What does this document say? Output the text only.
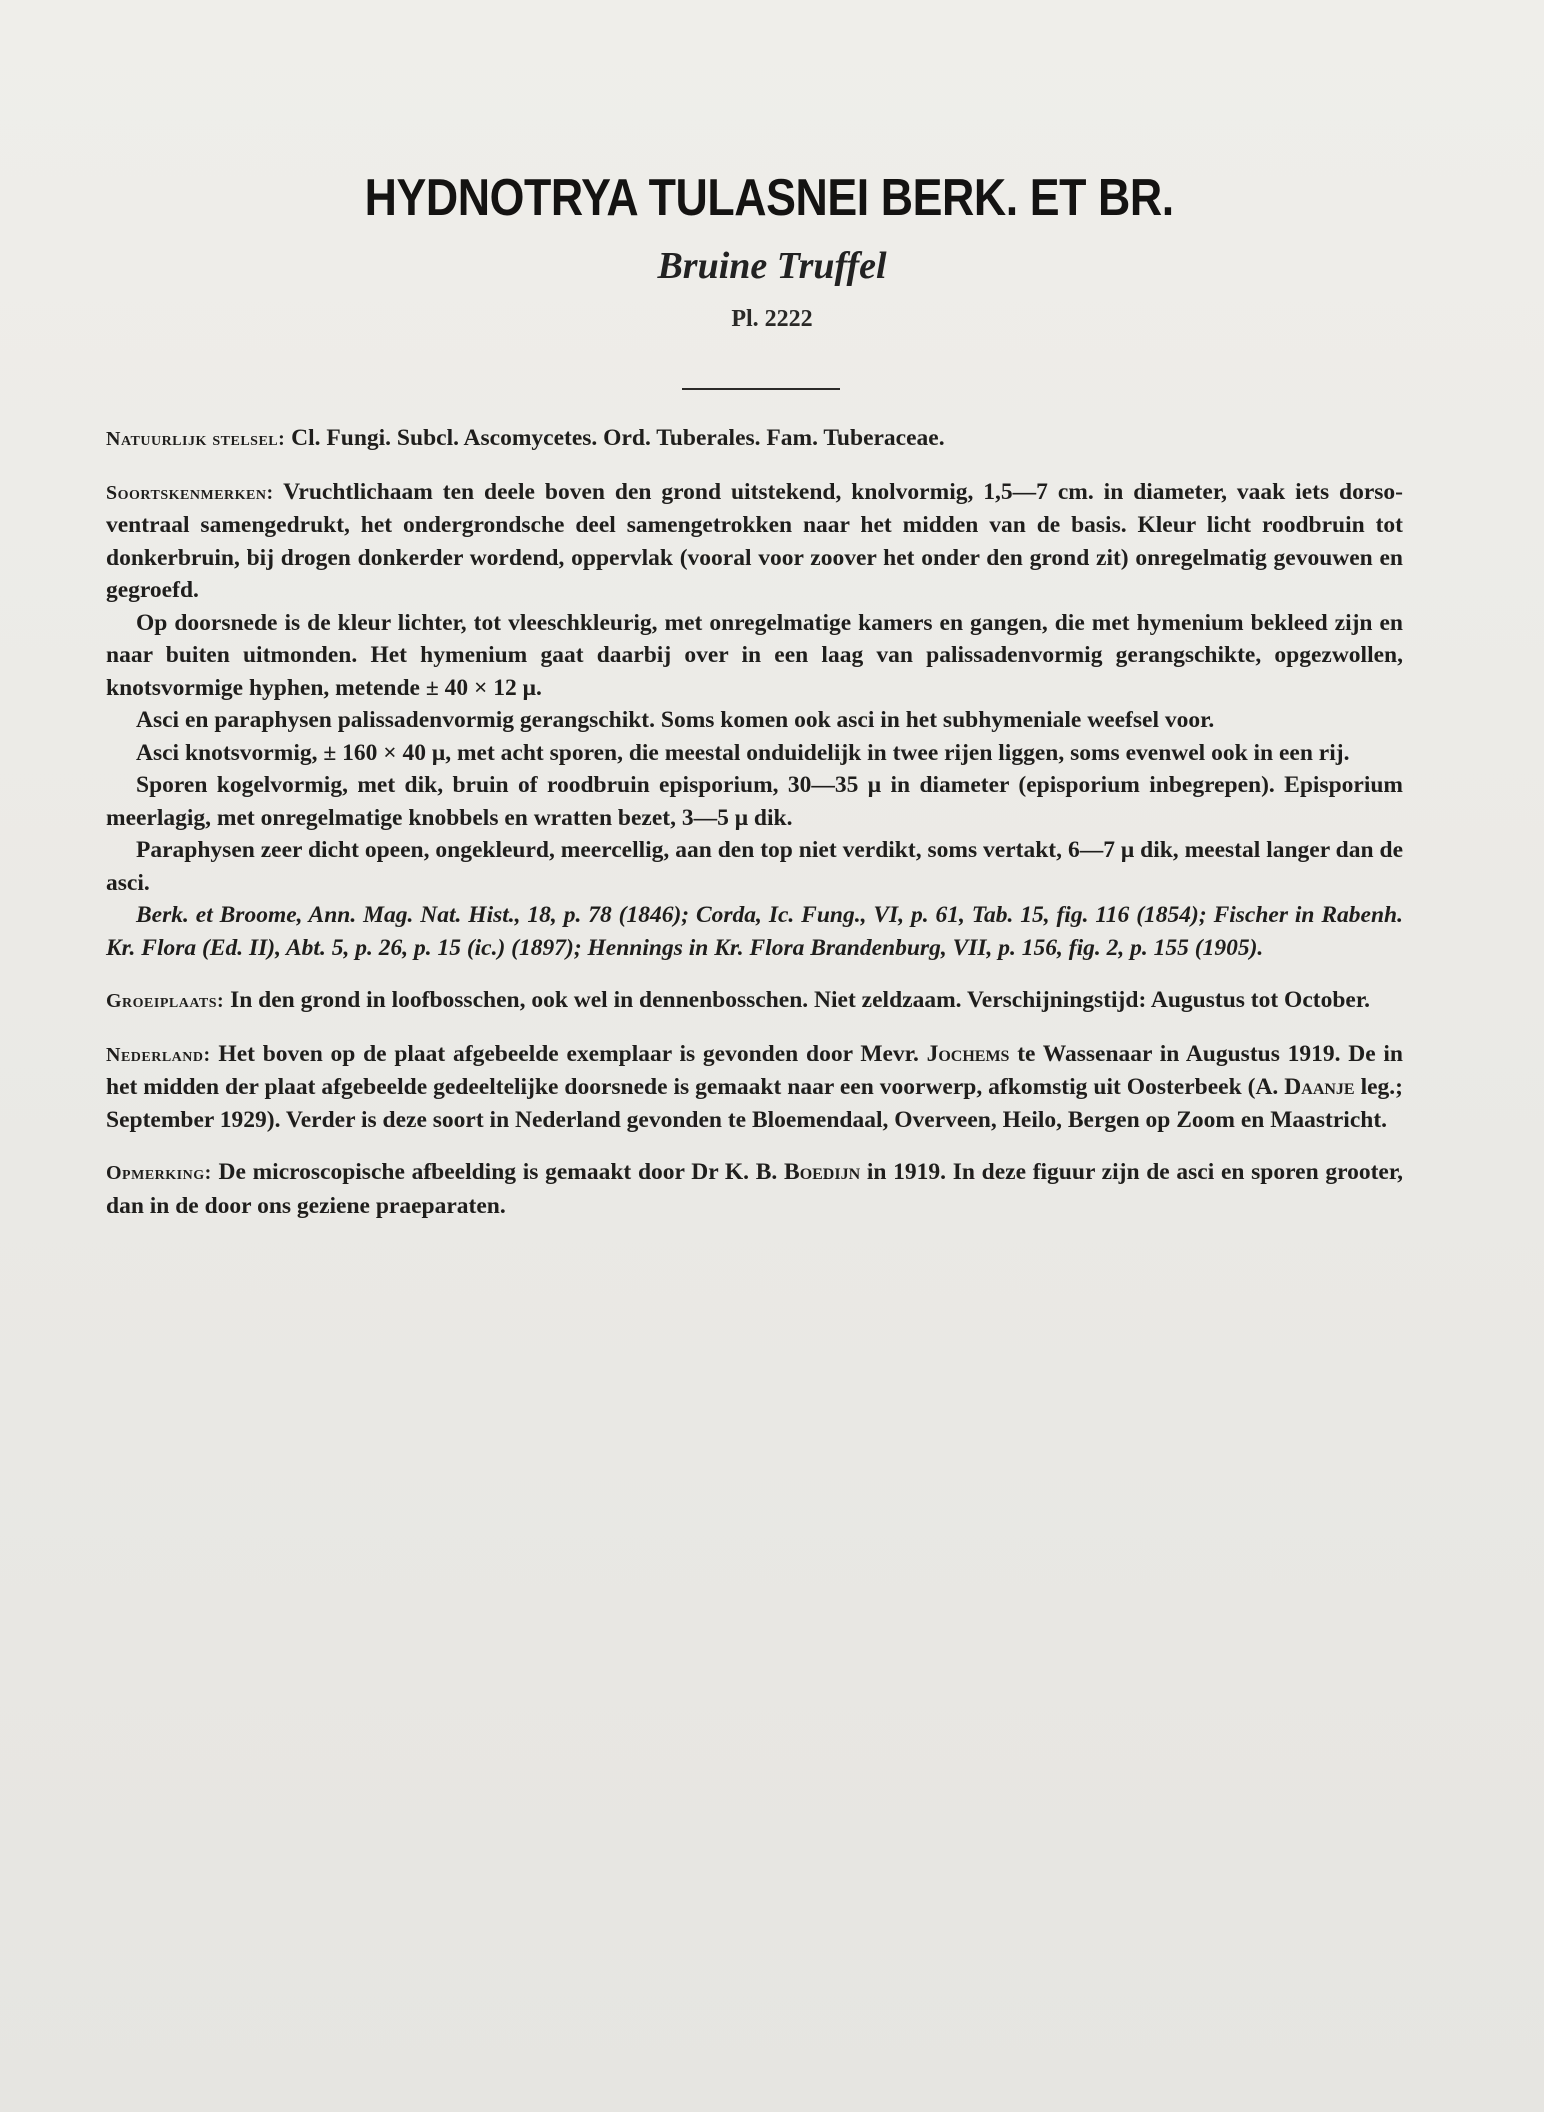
HYDNOTRYA TULASNEI BERK. ET BR.
Bruine Truffel
Pl. 2222

Natuurlijk stelsel: Cl. Fungi. Subcl. Ascomycetes. Ord. Tuberales. Fam. Tuberaceae.

Soortskenmerken: Vruchtlichaam ten deele boven den grond uitstekend, knolvormig, 1,5—7 cm. in diameter, vaak iets dorso-ventraal samengedrukt, het ondergrondsche deel samengetrokken naar het midden van de basis. Kleur licht roodbruin tot donkerbruin, bij drogen donkerder wordend, oppervlak (vooral voor zoover het onder den grond zit) onregelmatig gevouwen en gegroefd.

Op doorsnede is de kleur lichter, tot vleeschkleurig, met onregelmatige kamers en gangen, die met hymenium bekleed zijn en naar buiten uitmonden. Het hymenium gaat daarbij over in een laag van palissadenvormig gerangschikte, opgezwollen, knotsvormige hyphen, metende ± 40 × 12 μ.

Asci en paraphysen palissadenvormig gerangschikt. Soms komen ook asci in het subhymeniale weefsel voor.

Asci knotsvormig, ± 160 × 40 μ, met acht sporen, die meestal onduidelijk in twee rijen liggen, soms evenwel ook in een rij.

Sporen kogelvormig, met dik, bruin of roodbruin episporium, 30—35 μ in diameter (episporium inbegrepen). Episporium meerlagig, met onregelmatige knobbels en wratten bezet, 3—5 μ dik.

Paraphysen zeer dicht opeen, ongekleurd, meercellig, aan den top niet verdikt, soms vertakt, 6—7 μ dik, meestal langer dan de asci.

Berk. et Broome, Ann. Mag. Nat. Hist., 18, p. 78 (1846); Corda, Ic. Fung., VI, p. 61, Tab. 15, fig. 116 (1854); Fischer in Rabenh. Kr. Flora (Ed. II), Abt. 5, p. 26, p. 15 (ic.) (1897); Hennings in Kr. Flora Brandenburg, VII, p. 156, fig. 2, p. 155 (1905).

Groeiplaats: In den grond in loofbosschen, ook wel in dennenbosschen. Niet zeldzaam. Verschijningstijd: Augustus tot October.

Nederland: Het boven op de plaat afgebeelde exemplaar is gevonden door Mevr. Jochems te Wassenaar in Augustus 1919. De in het midden der plaat afgebeelde gedeeltelijke doorsnede is gemaakt naar een voorwerp, afkomstig uit Oosterbeek (A. Daanje leg.; September 1929). Verder is deze soort in Nederland gevonden te Bloemendaal, Overveen, Heilo, Bergen op Zoom en Maastricht.

Opmerking: De microscopische afbeelding is gemaakt door Dr K. B. Boedijn in 1919. In deze figuur zijn de asci en sporen grooter, dan in de door ons geziene praeparaten.
